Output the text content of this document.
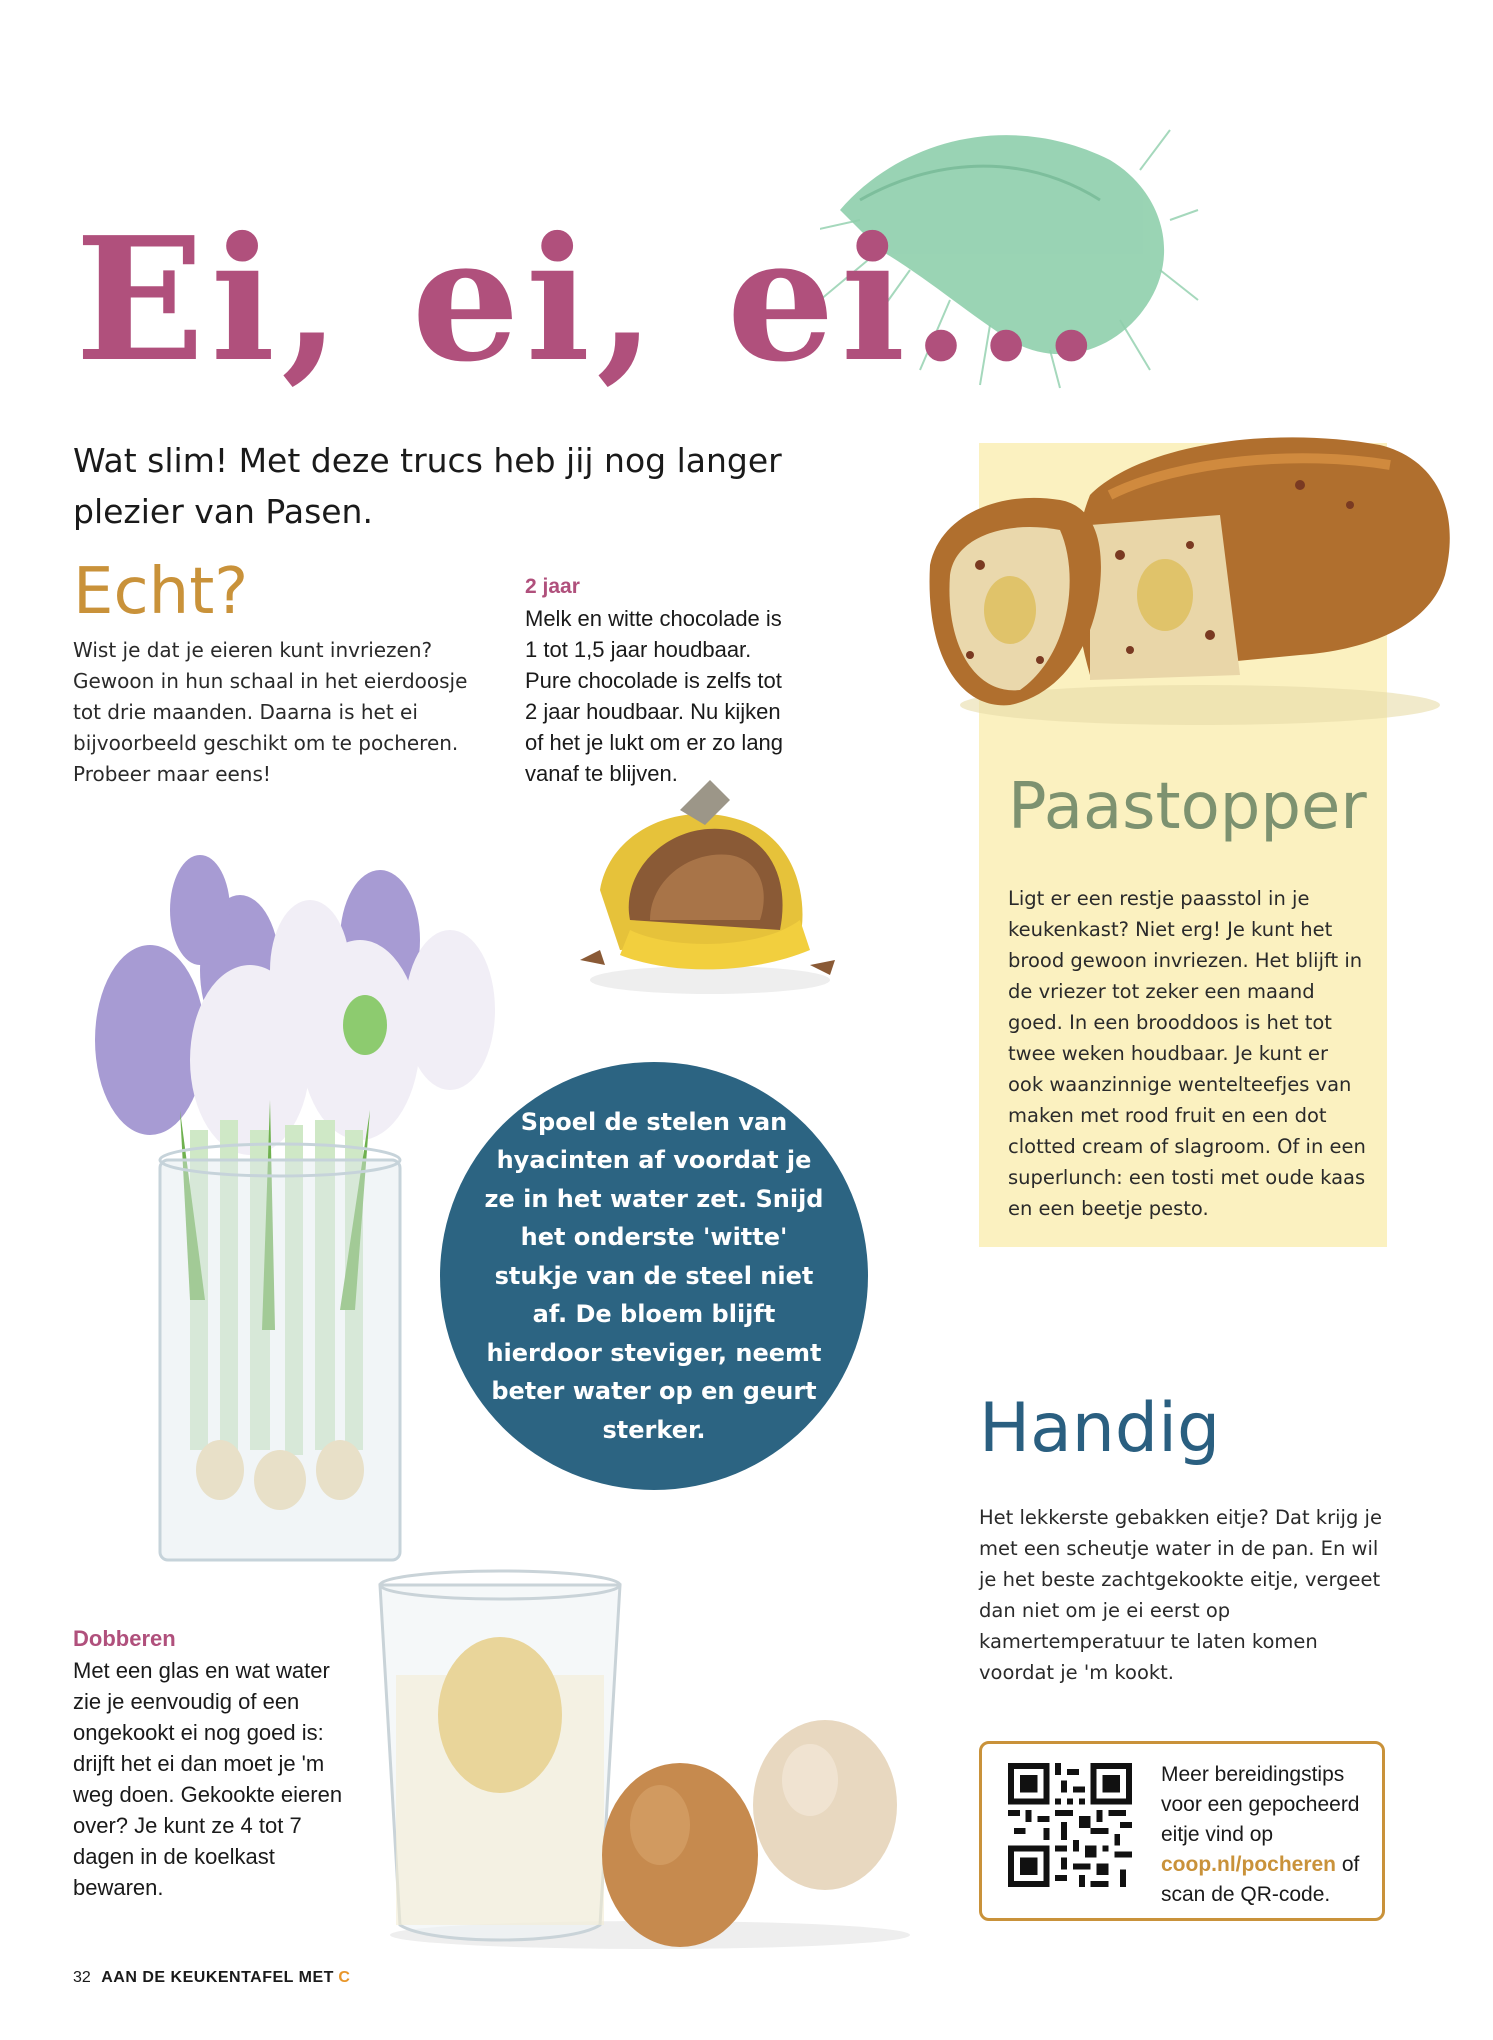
Ei, ei, ei...
Wat slim! Met deze trucs heb jij nog langer plezier van Pasen.
Echt?
Wist je dat je eieren kunt invriezen? Gewoon in hun schaal in het eierdoosje tot drie maanden. Daarna is het ei bijvoorbeeld geschikt om te pocheren. Probeer maar eens!
2 jaar
Melk en witte chocolade is 1 tot 1,5 jaar houdbaar. Pure chocolade is zelfs tot 2 jaar houdbaar. Nu kijken of het je lukt om er zo lang vanaf te blijven.	Paastopper
Ligt er een restje paasstol in je keukenkast? Niet erg! Je kunt het brood gewoon invriezen. Het blijft in de vriezer tot zeker een maand goed. In een brooddoos is het tot twee weken houdbaar. Je kunt er ook waanzinnige wentelteefjes van maken met rood fruit en een dot clotted cream of slagroom. Of in een superlunch: een tosti met oude kaas en een beetje pesto.
Spoel de stelen van hyacinten af voordat je ze in het water zet. Snijd het onderste 'witte' stukje van de steel niet af. De bloem blijft hierdoor steviger, neemt beter water op en geurt sterker.	Handig
Het lekkerste gebakken eitje? Dat krijg je met een scheutje water in de pan. En wil je het beste zachtgekookte eitje, vergeet dan niet om je ei eerst op kamertemperatuur te laten komen voordat je 'm kookt.
Dobberen
Met een glas en wat water zie je eenvoudig of een ongekookt ei nog goed is: drijft het ei dan moet je 'm weg doen. Gekookte eieren over? Je kunt ze 4 tot 7 dagen in de koelkast bewaren.
Meer bereidingstips voor een gepocheerd eitje vind op coop.nl/pocheren of scan de QR-code.
32 AAN DE KEUKENTAFEL MET C
